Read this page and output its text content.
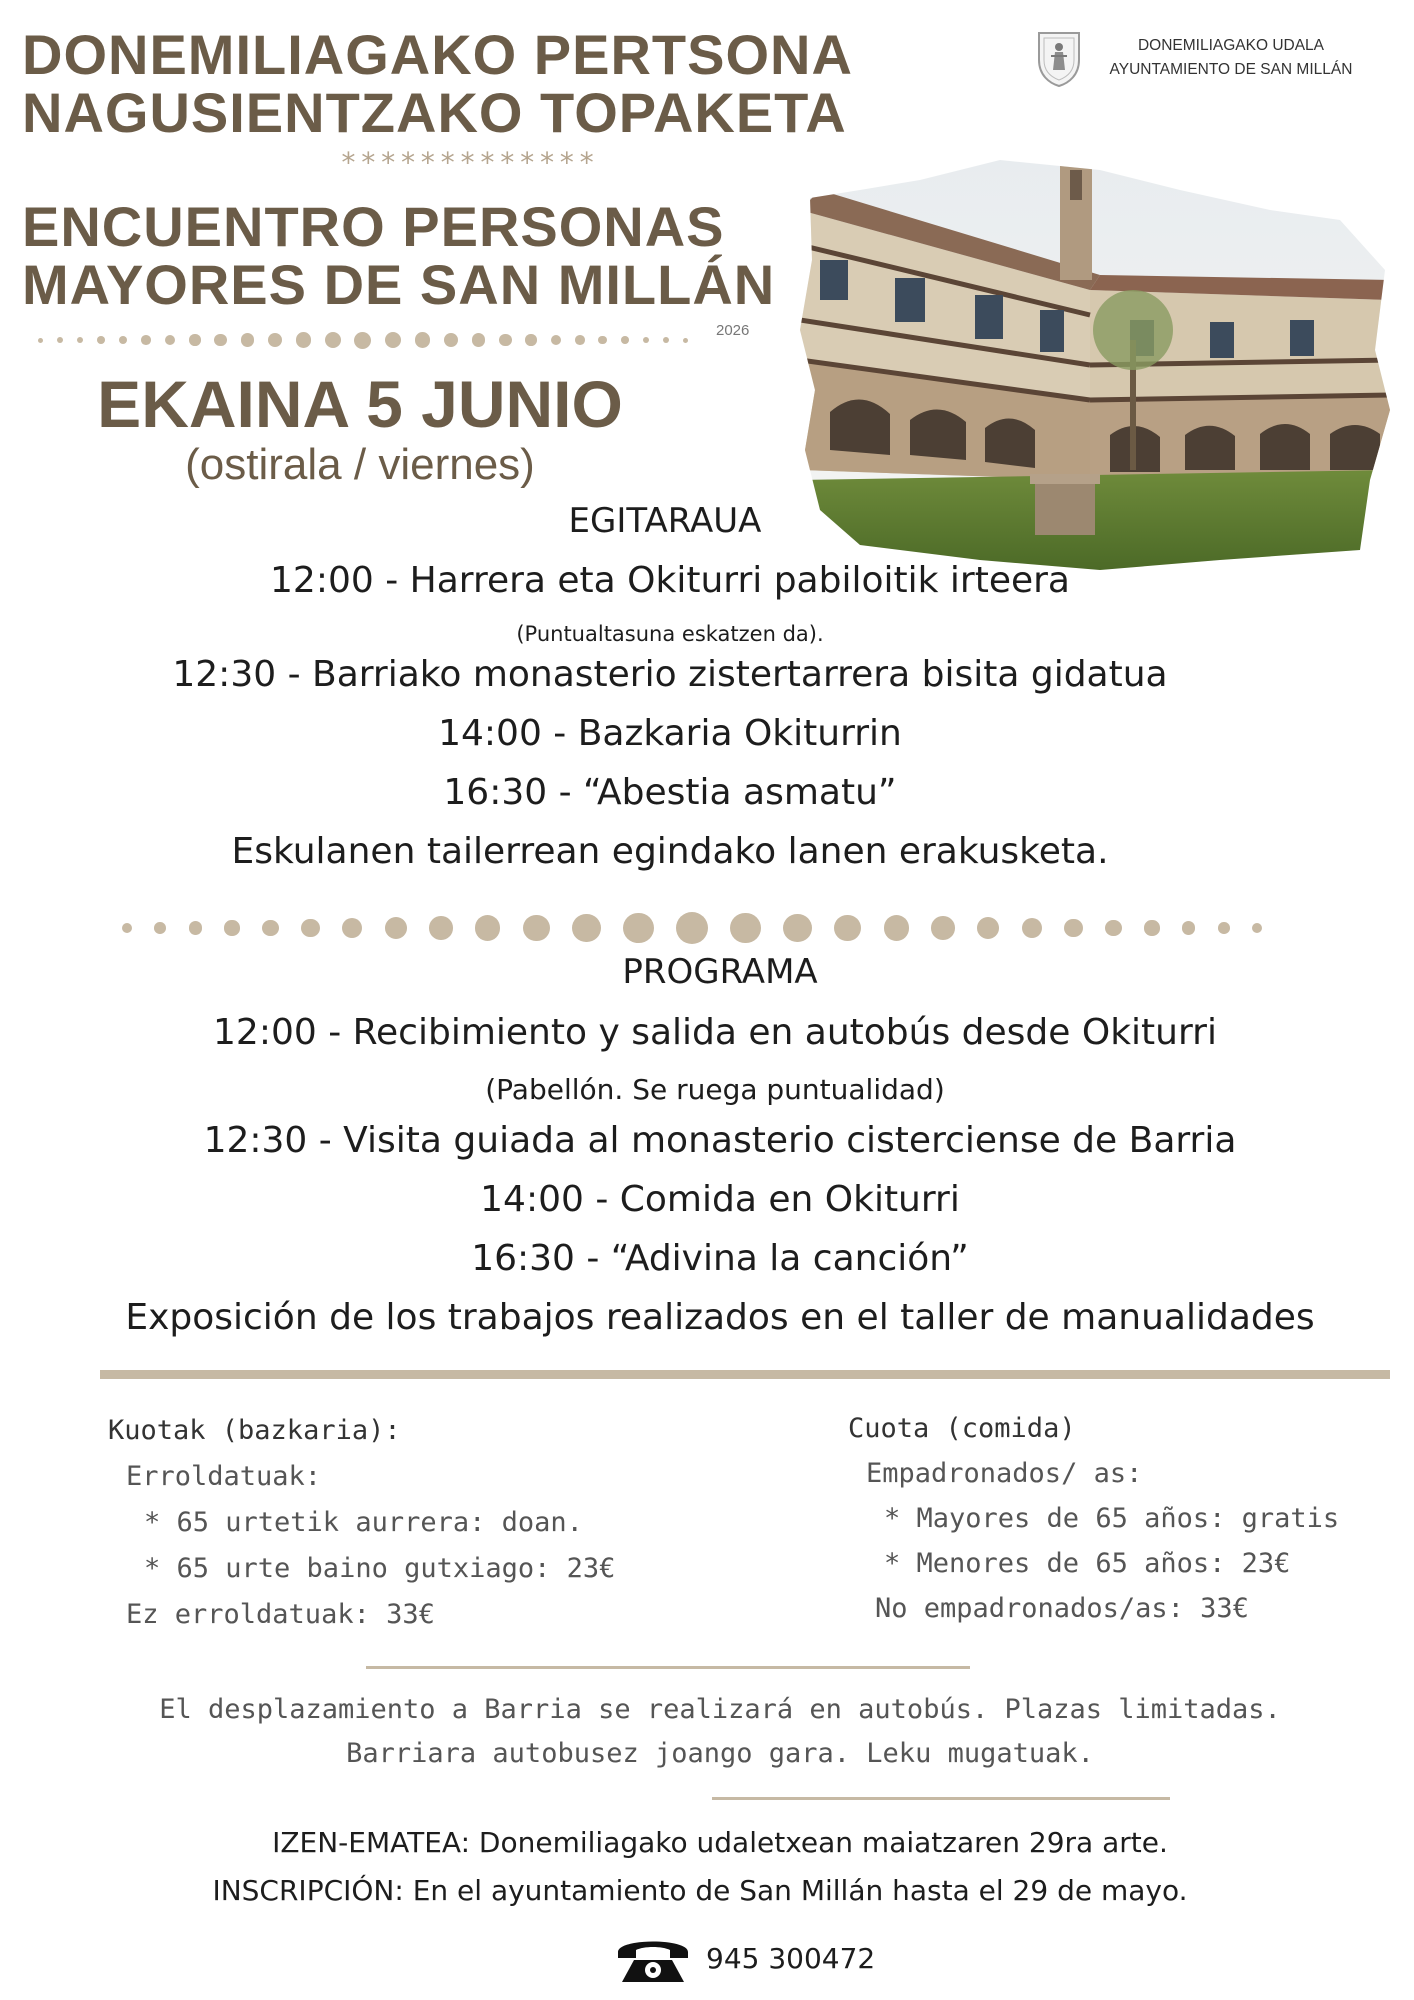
DONEMILIAGAKO PERTSONA
NAGUSIENTZAKO TOPAKETA
*************
ENCUENTRO PERSONAS
MAYORES DE SAN MILLÁN
2026
DONEMILIAGAKO UDALA
AYUNTAMIENTO DE SAN MILLÁN
EKAINA 5 JUNIO
(ostirala / viernes)
EGITARAUA
12:00 - Harrera eta Okiturri pabiloitik irteera
(Puntualtasuna eskatzen da).
12:30 - Barriako monasterio zistertarrera bisita gidatua
14:00 - Bazkaria Okiturrin
16:30 - “Abestia asmatu”
Eskulanen tailerrean egindako lanen erakusketa.
PROGRAMA
12:00 - Recibimiento y salida en autobús desde Okiturri
(Pabellón. Se ruega puntualidad)
12:30 - Visita guiada al monasterio cisterciense de Barria
14:00 - Comida en Okiturri
16:30 - “Adivina la canción”
Exposición de los trabajos realizados en el taller de manualidades
Kuotak (bazkaria):
Erroldatuak:
* 65 urtetik aurrera: doan.
* 65 urte baino gutxiago: 23€
Ez erroldatuak: 33€
Cuota (comida)
Empadronados/ as:
* Mayores de 65 años: gratis
* Menores de 65 años: 23€
No empadronados/as: 33€
El desplazamiento a Barria se realizará en autobús. Plazas limitadas.
Barriara autobusez joango gara. Leku mugatuak.
IZEN-EMATEA: Donemiliagako udaletxean maiatzaren 29ra arte.
INSCRIPCIÓN: En el ayuntamiento de San Millán hasta el 29 de mayo.
945 300472
